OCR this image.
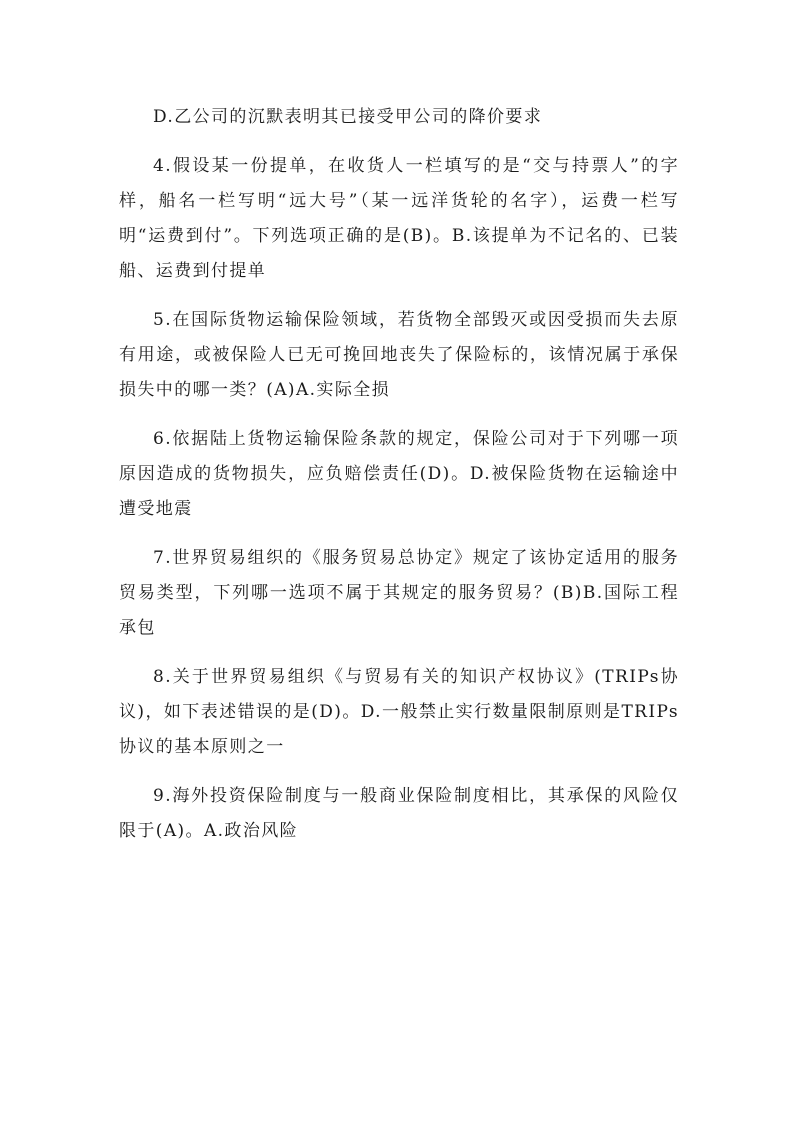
D.乙公司的沉默表明其已接受甲公司的降价要求

4.假设某一份提单，在收货人一栏填写的是“交与持票人”的字样，船名一栏写明“远大号”（某一远洋货轮的名字），运费一栏写明“运费到付”。下列选项正确的是(B)。B.该提单为不记名的、已装船、运费到付提单

5.在国际货物运输保险领域，若货物全部毁灭或因受损而失去原有用途，或被保险人已无可挽回地丧失了保险标的，该情况属于承保损失中的哪一类？(A)A.实际全损

6.依据陆上货物运输保险条款的规定，保险公司对于下列哪一项原因造成的货物损失，应负赔偿责任(D)。D.被保险货物在运输途中遭受地震

7.世界贸易组织的《服务贸易总协定》规定了该协定适用的服务贸易类型，下列哪一选项不属于其规定的服务贸易？(B)B.国际工程承包

8.关于世界贸易组织《与贸易有关的知识产权协议》(TRIPs协议)，如下表述错误的是(D)。D.一般禁止实行数量限制原则是TRIPs协议的基本原则之一

9.海外投资保险制度与一般商业保险制度相比，其承保的风险仅限于(A)。A.政治风险
